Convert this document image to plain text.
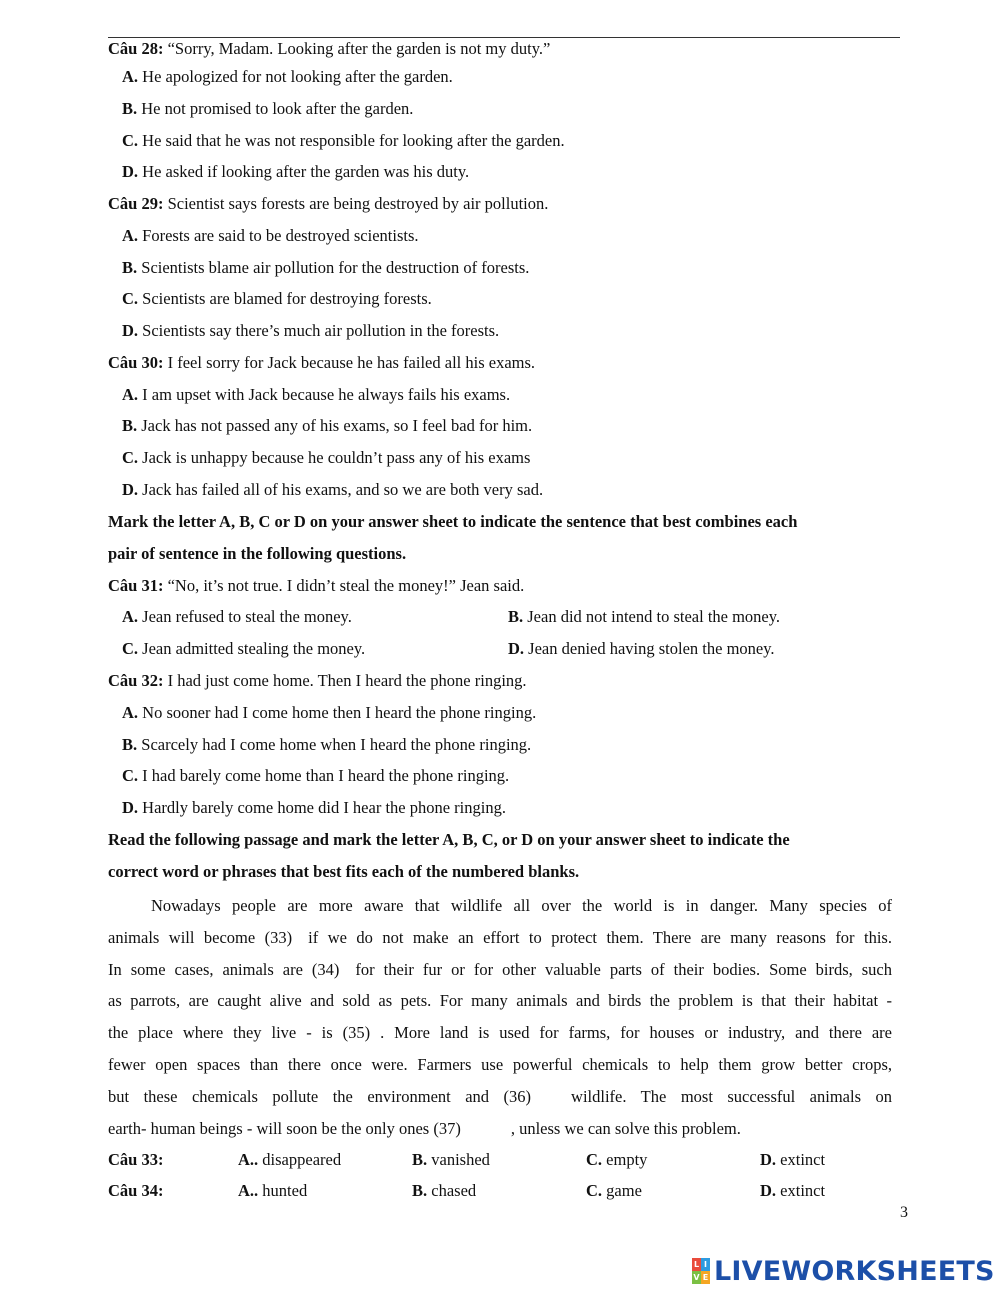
Câu 28: “Sorry, Madam. Looking after the garden is not my duty.”
A. He apologized for not looking after the garden.
B. He not promised to look after the garden.
C. He said that he was not responsible for looking after the garden.
D. He asked if looking after the garden was his duty.
Câu 29: Scientist says forests are being destroyed by air pollution.
A. Forests are said to be destroyed scientists.
B. Scientists blame air pollution for the destruction of forests.
C. Scientists are blamed for destroying forests.
D. Scientists say there’s much air pollution in the forests.
Câu 30: I feel sorry for Jack because he has failed all his exams.
A. I am upset with Jack because he always fails his exams.
B. Jack has not passed any of his exams, so I feel bad for him.
C. Jack is unhappy because he couldn’t pass any of his exams
D. Jack has failed all of his exams, and so we are both very sad.
Mark the letter A, B, C or D on your answer sheet to indicate the sentence that best combines each
pair of sentence in the following questions.
Câu 31: “No, it’s not true. I didn’t steal the money!” Jean said.
A. Jean refused to steal the money.	B. Jean did not intend to steal the money.
C. Jean admitted stealing the money.	D. Jean denied having stolen the money.
Câu 32: I had just come home. Then I heard the phone ringing.
A. No sooner had I come home then I heard the phone ringing.
B. Scarcely had I come home when I heard the phone ringing.
C. I had barely come home than I heard the phone ringing.
D. Hardly barely come home did I hear the phone ringing.
Read the following passage and mark the letter A, B, C, or D on your answer sheet to indicate the
correct word or phrases that best fits each of the numbered blanks.
Nowadays people are more aware that wildlife all over the world is in danger. Many species of
animals will become (33) if we do not make an effort to protect them. There are many reasons for this.
In some cases, animals are (34) for their fur or for other valuable parts of their bodies. Some birds, such
as parrots, are caught alive and sold as pets. For many animals and birds the problem is that their habitat -
the place where they live - is (35) . More land is used for farms, for houses or industry, and there are
fewer open spaces than there once were. Farmers use powerful chemicals to help them grow better crops,
but these chemicals pollute the environment and (36) wildlife. The most successful animals on
earth- human beings - will soon be the only ones (37)	, unless we can solve this problem.
Câu 33:	A.. disappeared	B. vanished	C. empty	D. extinct
Câu 34:	A.. hunted	B. chased	C. game	D. extinct
3
L I
V E LIVEWORKSHEETS
